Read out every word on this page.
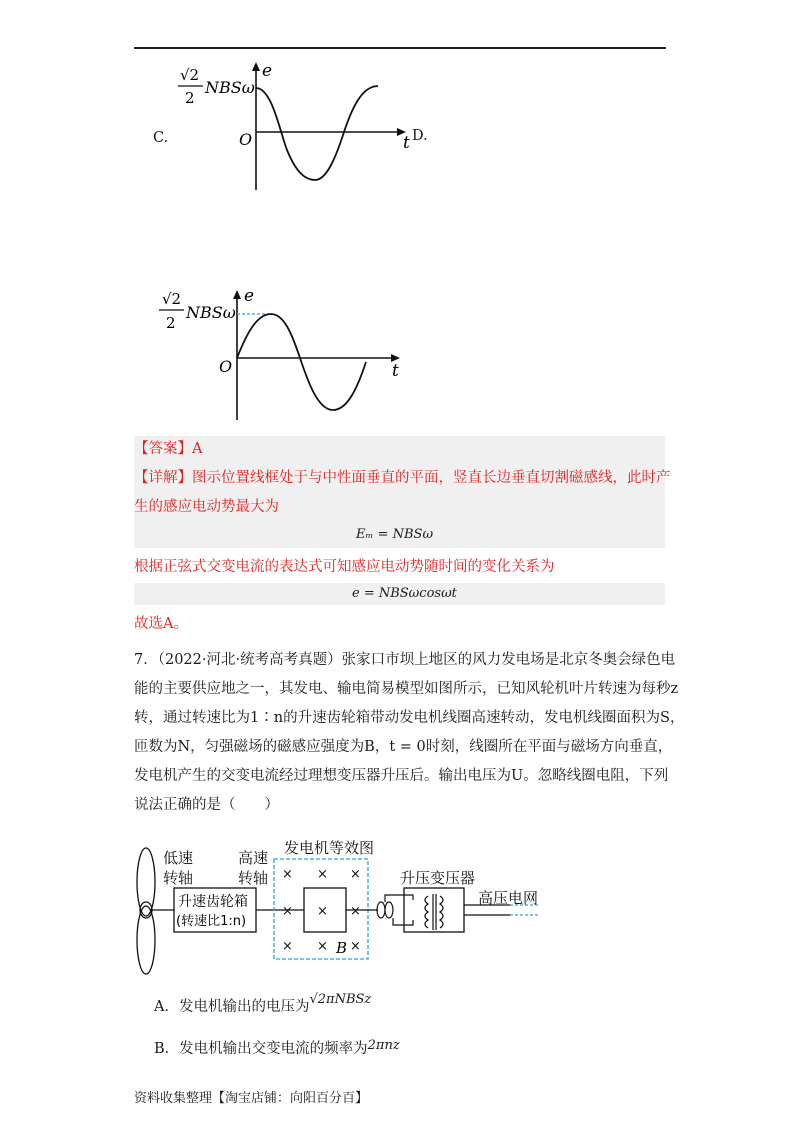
C.	D.
e
t
O
√2
2
NBSω
e
t
O
√2
2
NBSω
【答案】A
【详解】图示位置线框处于与中性面垂直的平面，竖直长边垂直切割磁感线，此时产
生的感应电动势最大为
Eₘ = NBSω
根据正弦式交变电流的表达式可知感应电动势随时间的变化关系为
e = NBSωcosωt
故选A。
7．（2022·河北·统考高考真题）张家口市坝上地区的风力发电场是北京冬奥会绿色电
能的主要供应地之一，其发电、输电简易模型如图所示，已知风轮机叶片转速为每秒z
转，通过转速比为1∶n的升速齿轮箱带动发电机线圈高速转动，发电机线圈面积为S，
匝数为N，匀强磁场的磁感应强度为B，t = 0时刻，线圈所在平面与磁场方向垂直，
发电机产生的交变电流经过理想变压器升压后。输出电压为U。忽略线圈电阻，下列
说法正确的是（　　）
低速
转轴
高速
转轴
发电机等效图
升压变压器
高压电网
升速齿轮箱
(转速比1:n)
× × ×
× × ×
× × ×
B
A．发电机输出的电压为√2πNBSz
B．发电机输出交变电流的频率为2πnz
资料收集整理【淘宝店铺：向阳百分百】
